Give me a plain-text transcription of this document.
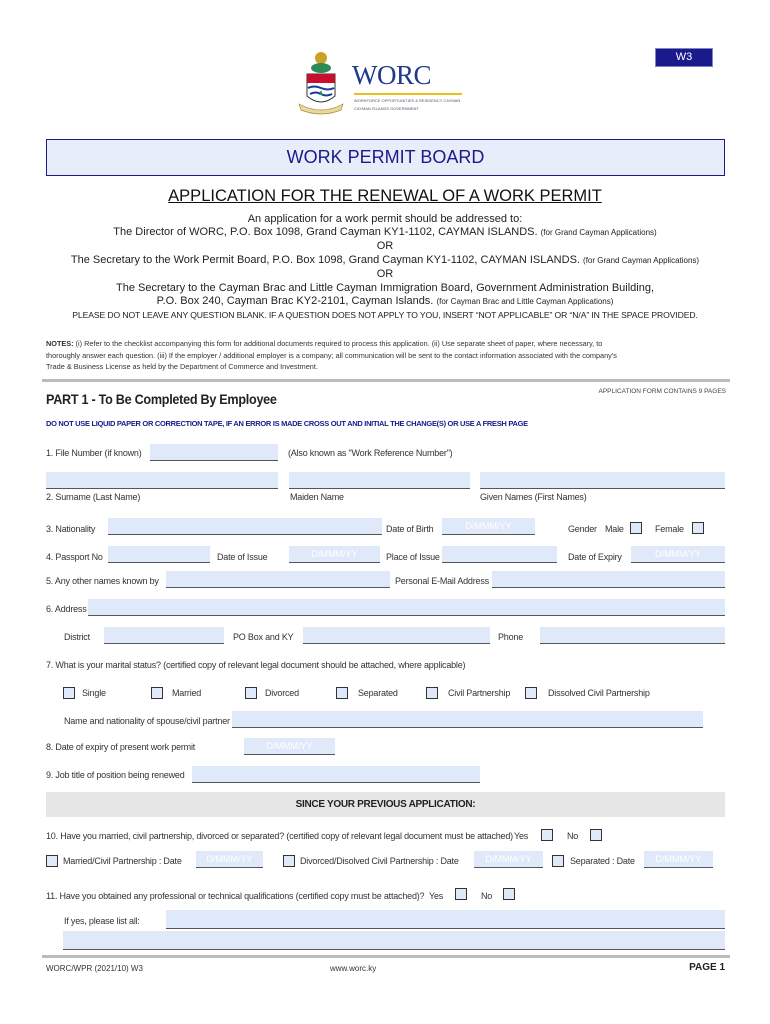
W3
WORC
WORKFORCE OPPORTUNITIES & RESIDENCY CAYMAN
CAYMAN ISLANDS GOVERNMENT
WORK PERMIT BOARD
APPLICATION FOR THE RENEWAL OF A WORK PERMIT
An application for a work permit should be addressed to:
The Director of WORC, P.O. Box 1098, Grand Cayman KY1-1102, CAYMAN ISLANDS. (for Grand Cayman Applications)
OR
The Secretary to the Work Permit Board, P.O. Box 1098, Grand Cayman KY1-1102, CAYMAN ISLANDS. (for Grand Cayman Applications)
OR
The Secretary to the Cayman Brac and Little Cayman Immigration Board, Government Administration Building,
P.O. Box 240, Cayman Brac KY2-2101, Cayman Islands. (for Cayman Brac and Little Cayman Applications)
PLEASE DO NOT LEAVE ANY QUESTION BLANK. IF A QUESTION DOES NOT APPLY TO YOU, INSERT “NOT APPLICABLE” OR “N/A” IN THE SPACE PROVIDED.
NOTES: (i) Refer to the checklist accompanying this form for additional documents required to process this application. (ii) Use separate sheet of paper, where necessary, to
thoroughly answer each question. (iii) If the employer / additional employer is a company; all communication will be sent to the contact information associated with the company's
Trade & Business License as held by the Department of Commerce and Investment.
PART 1 - To Be Completed By Employee	APPLICATION FORM CONTAINS 9 PAGES
DO NOT USE LIQUID PAPER OR CORRECTION TAPE, IF AN ERROR IS MADE CROSS OUT AND INITIAL THE CHANGE(S) OR USE A FRESH PAGE
1. File Number (if known)	(Also known as "Work Reference Number")
2. Surname (Last Name)	Maiden Name	Given Names (First Names)
3. Nationality	Date of Birth	D/MMM/YY	Gender Male	Female
4. Passport No	Date of Issue	D/MMM/YY	Place of Issue	Date of Expiry	D/MMM/YY
5. Any other names known by	Personal E-Mail Address
6. Address
District	PO Box and KY	Phone
7. What is your marital status? (certified copy of relevant legal document should be attached, where applicable)
Single	Married	Divorced	Separated	Civil Partnership	Dissolved Civil Partnership
Name and nationality of spouse/civil partner
8. Date of expiry of present work permit	D/MMM/YY
9. Job title of position being renewed
SINCE YOUR PREVIOUS APPLICATION:
10. Have you married, civil partnership, divorced or separated? (certified copy of relevant legal document must be attached) Yes	No
Married/Civil Partnership : Date	D/MMM/YY	Divorced/Disolved Civil Partnership : Date	D/MMM/YY	Separated : Date	D/MMM/YY
11. Have you obtained any professional or technical qualifications (certified copy must be attached)? Yes	No
If yes, please list all:
WORC/WPR (2021/10) W3	www.worc.ky	PAGE 1
